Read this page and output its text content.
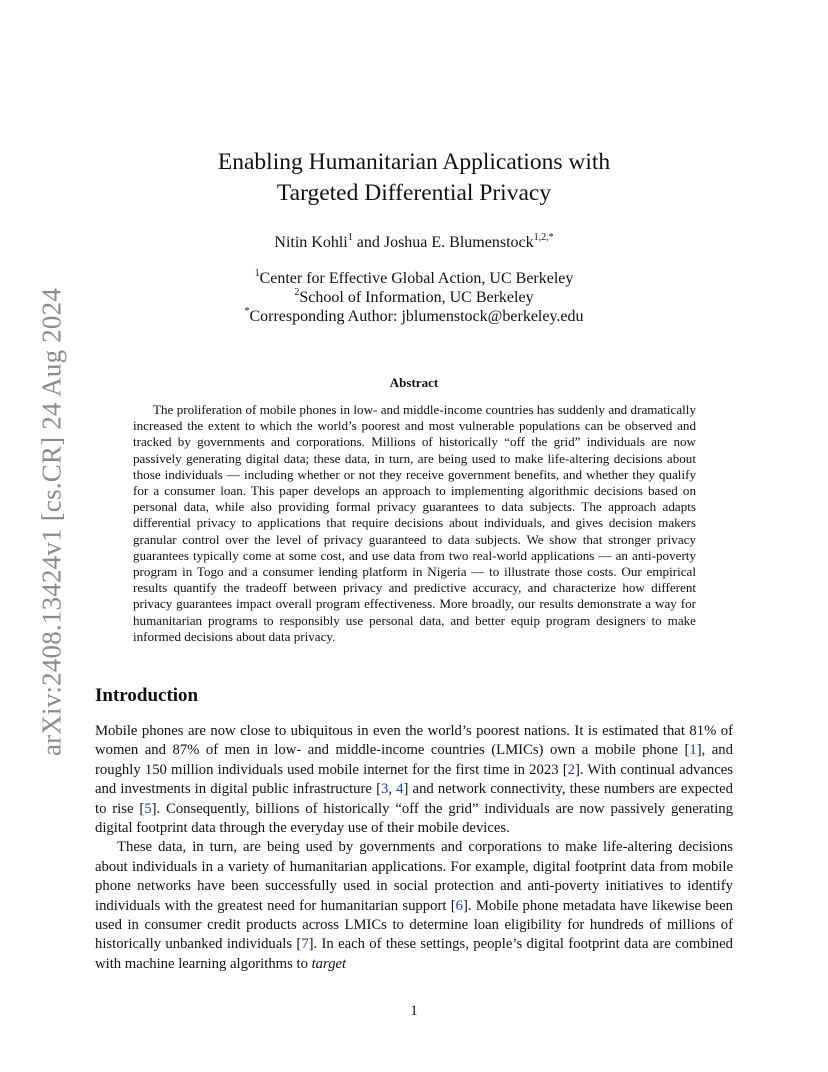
arXiv:2408.13424v1 [cs.CR] 24 Aug 2024
Enabling Humanitarian Applications with
Targeted Differential Privacy
Nitin Kohli$^1$ and Joshua E. Blumenstock$^{1,2,*}$
$^1$Center for Effective Global Action, UC Berkeley
$^2$School of Information, UC Berkeley
*Corresponding Author: jblumenstock@berkeley.edu
Abstract
The proliferation of mobile phones in low- and middle-income countries has suddenly and dramatically increased the extent to which the world’s poorest and most vulnerable populations can be observed and tracked by governments and corporations. Millions of historically “off the grid” individuals are now passively generating digital data; these data, in turn, are being used to make life-altering decisions about those individuals — including whether or not they receive government benefits, and whether they qualify for a consumer loan. This paper develops an approach to implementing algorithmic decisions based on personal data, while also providing formal privacy guarantees to data subjects. The approach adapts differential privacy to applications that require decisions about individuals, and gives decision makers granular control over the level of privacy guaranteed to data subjects. We show that stronger privacy guarantees typically come at some cost, and use data from two real-world applications — an anti-poverty program in Togo and a consumer lending platform in Nigeria — to illustrate those costs. Our empirical results quantify the tradeoff between privacy and predictive accuracy, and characterize how different privacy guarantees impact overall program effectiveness. More broadly, our results demonstrate a way for humanitarian programs to responsibly use personal data, and better equip program designers to make informed decisions about data privacy.
Introduction

Mobile phones are now close to ubiquitous in even the world’s poorest nations. It is estimated that 81% of women and 87% of men in low- and middle-income countries (LMICs) own a mobile phone [1], and roughly 150 million individuals used mobile internet for the first time in 2023 [2]. With continual advances and investments in digital public infrastructure [3, 4] and network connectivity, these numbers are expected to rise [5]. Consequently, billions of historically “off the grid” individuals are now passively generating digital footprint data through the everyday use of their mobile devices.

These data, in turn, are being used by governments and corporations to make life-altering decisions about individuals in a variety of humanitarian applications. For example, digital footprint data from mobile phone networks have been successfully used in social protection and anti-poverty initiatives to identify individuals with the greatest need for humanitarian support [6]. Mobile phone metadata have likewise been used in consumer credit products across LMICs to determine loan eligibility for hundreds of millions of historically unbanked individuals [7]. In each of these settings, people’s digital footprint data are combined with machine learning algorithms to target

1
